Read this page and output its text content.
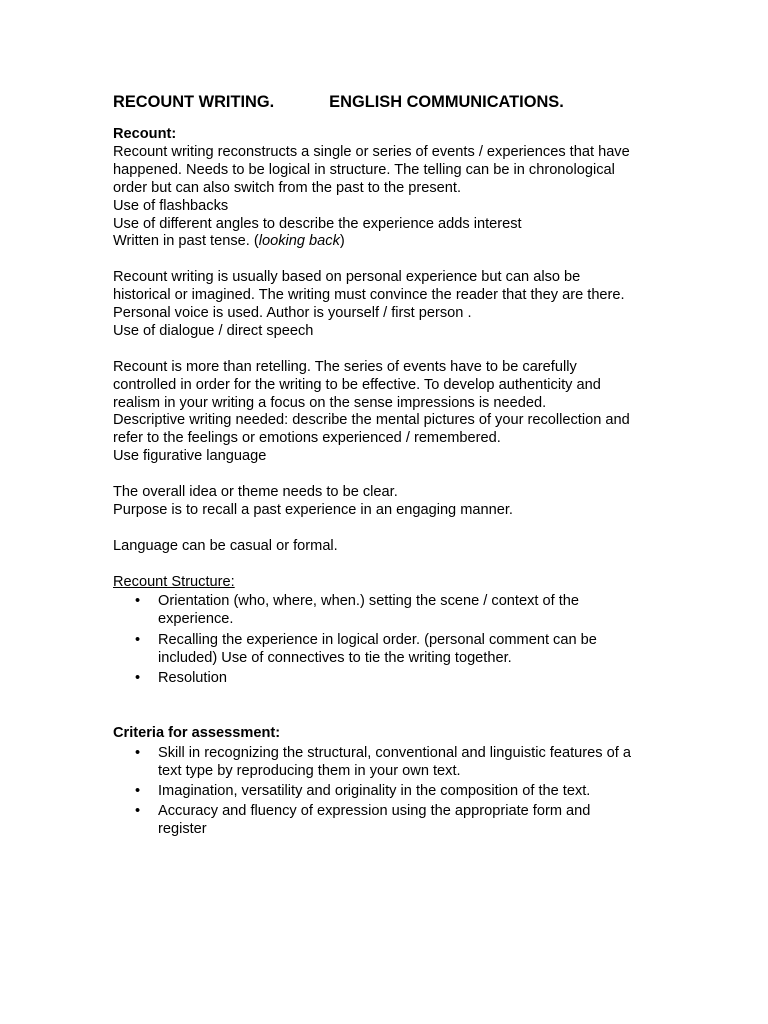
RECOUNT WRITING.	ENGLISH COMMUNICATIONS.
Recount:
Recount writing reconstructs a single or series of events / experiences that have
happened. Needs to be logical in structure. The telling can be in chronological
order but can also switch from the past to the present.
Use of flashbacks
Use of different angles to describe the experience adds interest
Written in past tense. (looking back)
Recount writing is usually based on personal experience but can also be
historical or imagined. The writing must convince the reader that they are there.
Personal voice is used. Author is yourself / first person .
Use of dialogue / direct speech
Recount is more than retelling. The series of events have to be carefully
controlled in order for the writing to be effective. To develop authenticity and
realism in your writing a focus on the sense impressions is needed.
Descriptive writing needed: describe the mental pictures of your recollection and
refer to the feelings or emotions experienced / remembered.
Use figurative language
The overall idea or theme needs to be clear.
Purpose is to recall a past experience in an engaging manner.
Language can be casual or formal.
Recount Structure:
• Orientation (who, where, when.) setting the scene / context of the
experience.
• Recalling the experience in logical order. (personal comment can be
included) Use of connectives to tie the writing together.
• Resolution
Criteria for assessment:
• Skill in recognizing the structural, conventional and linguistic features of a
text type by reproducing them in your own text.
• Imagination, versatility and originality in the composition of the text.
• Accuracy and fluency of expression using the appropriate form and
register
